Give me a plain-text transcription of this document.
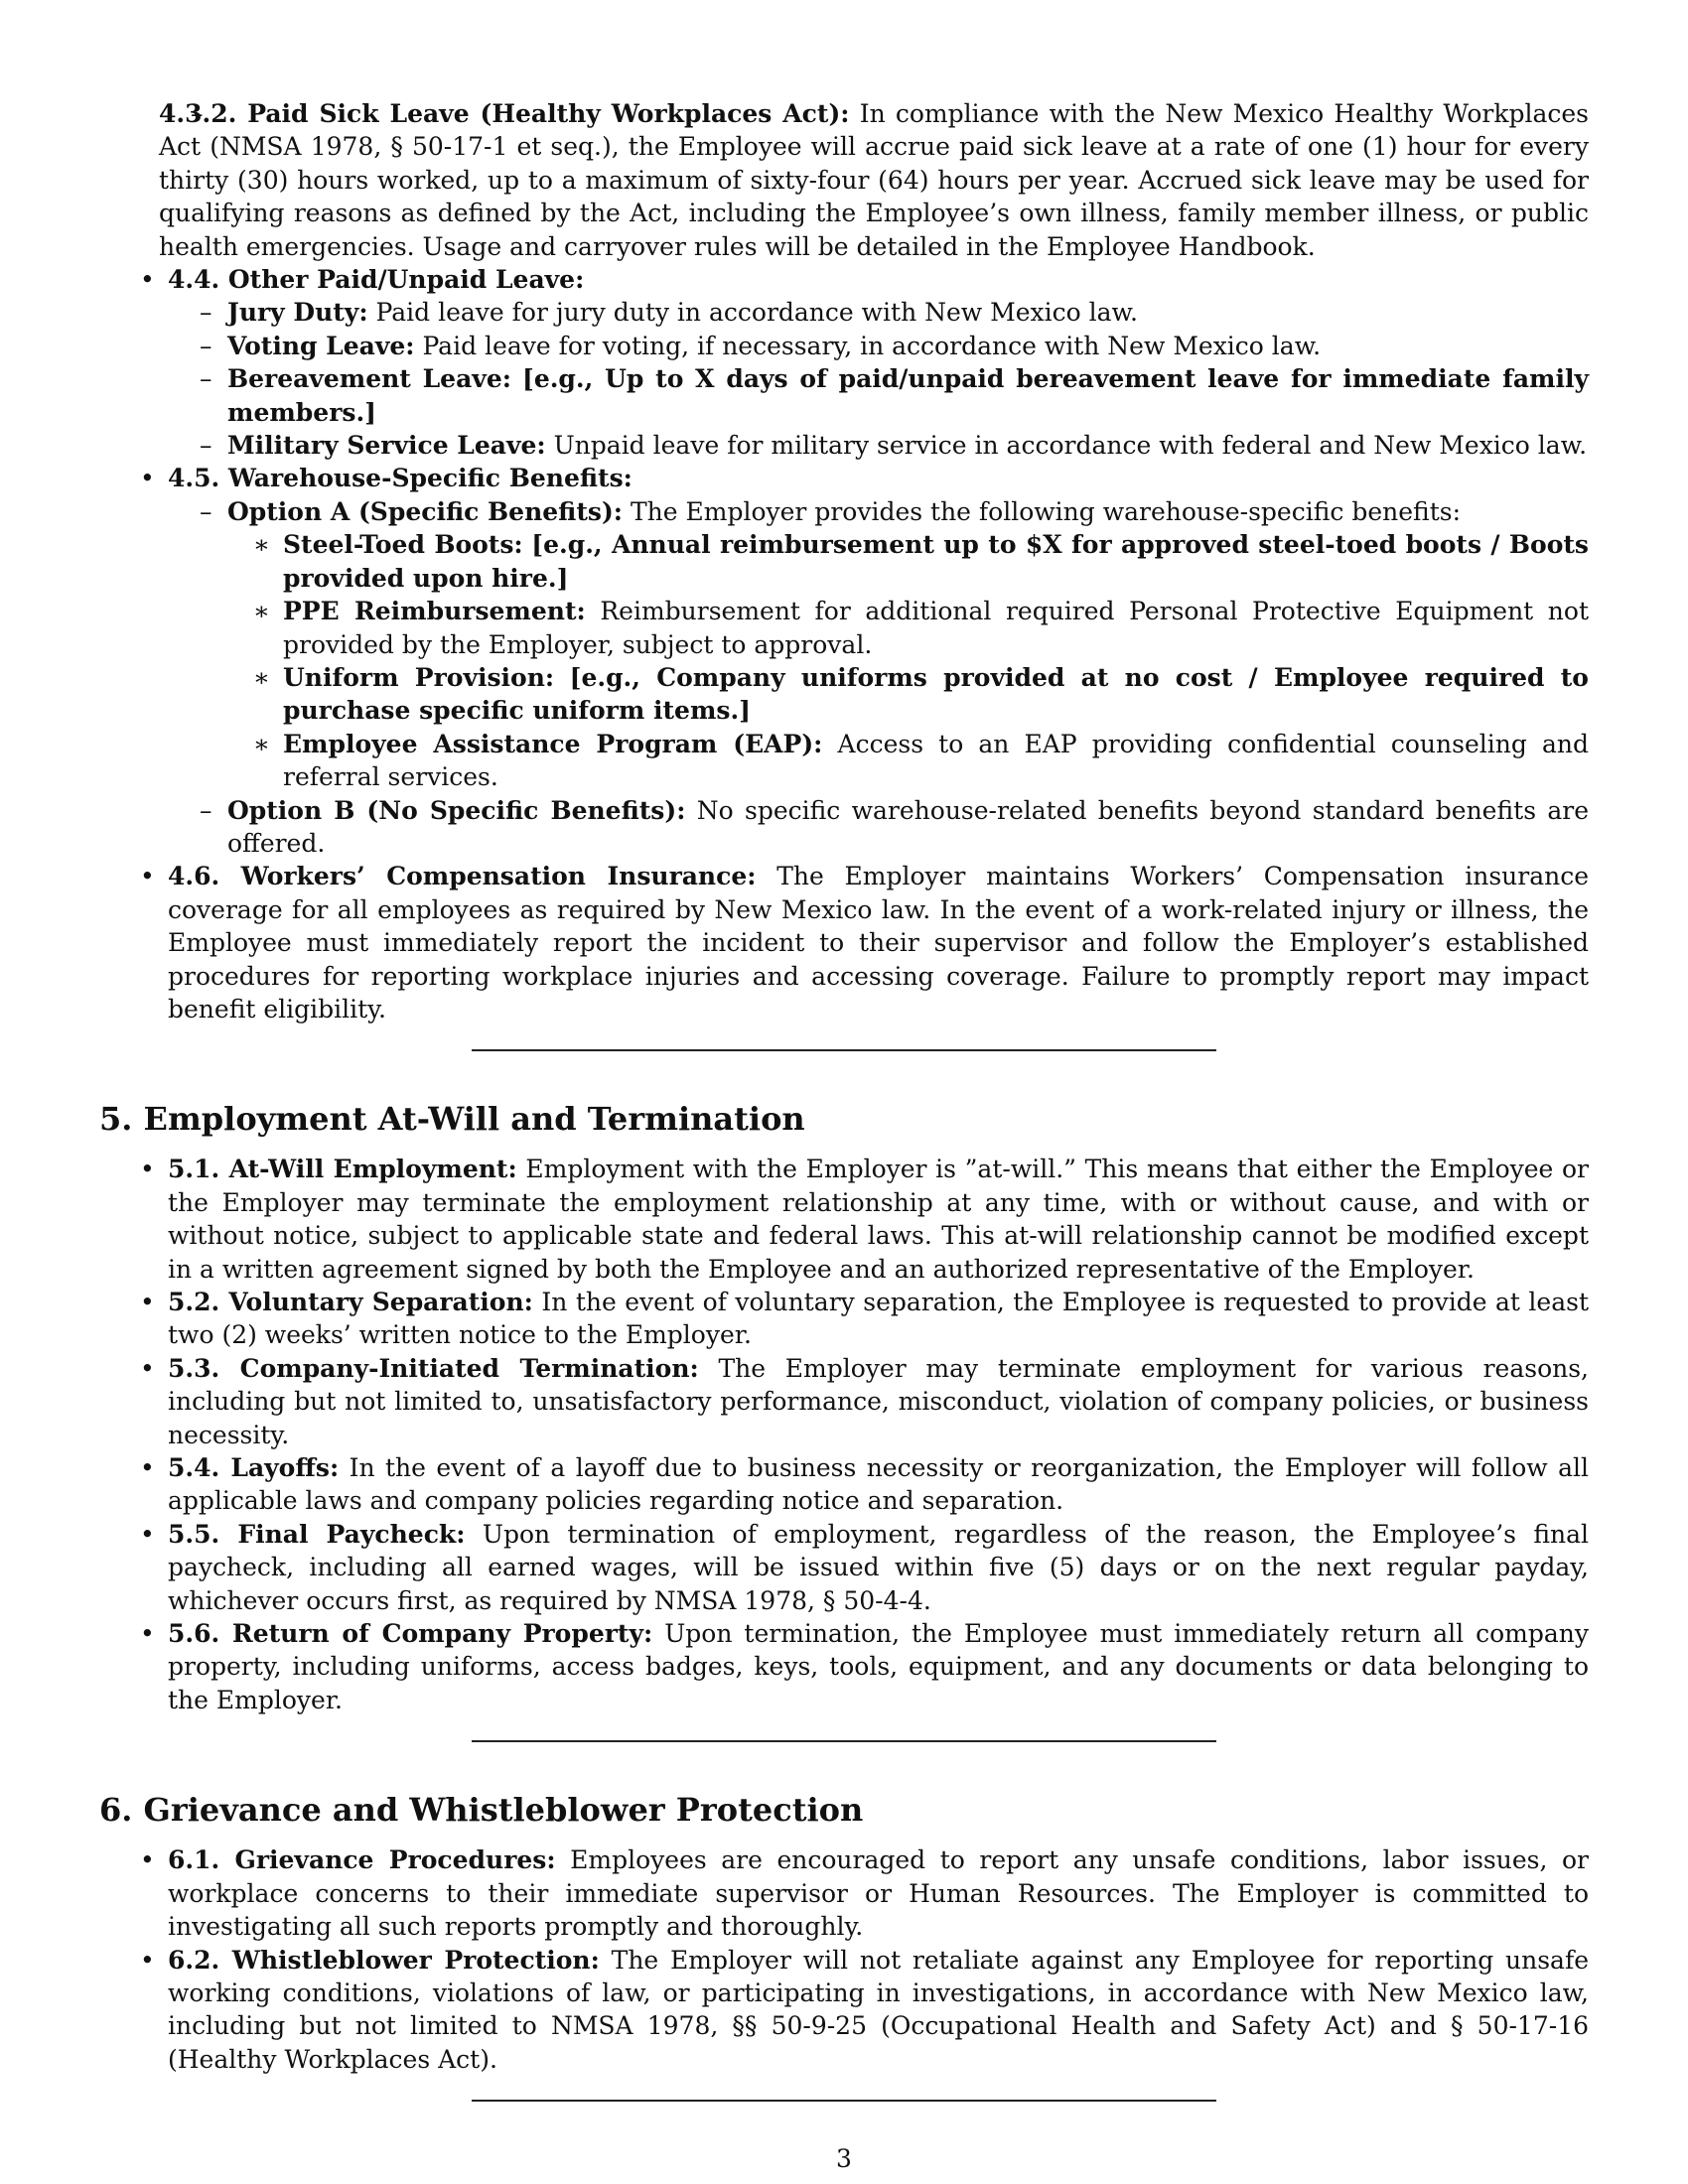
– 4.3.2. Paid Sick Leave (Healthy Workplaces Act): In compliance with the New Mexico Healthy Workplaces Act (NMSA 1978, § 50-17-1 et seq.), the Employee will accrue paid sick leave at a rate of one (1) hour for every thirty (30) hours worked, up to a maximum of sixty-four (64) hours per year. Accrued sick leave may be used for qualifying reasons as defined by the Act, including the Employee’s own illness, family member illness, or public health emergencies. Usage and carryover rules will be detailed in the Employee Handbook.
• 4.4. Other Paid/Unpaid Leave:
– Jury Duty: Paid leave for jury duty in accordance with New Mexico law.
– Voting Leave: Paid leave for voting, if necessary, in accordance with New Mexico law.
– Bereavement Leave: [e.g., Up to X days of paid/unpaid bereavement leave for immediate family members.]
– Military Service Leave: Unpaid leave for military service in accordance with federal and New Mexico law.
• 4.5. Warehouse-Specific Benefits:
– Option A (Specific Benefits): The Employer provides the following warehouse-specific benefits:
∗ Steel-Toed Boots: [e.g., Annual reimbursement up to $X for approved steel-toed boots / Boots provided upon hire.]
∗ PPE Reimbursement: Reimbursement for additional required Personal Protective Equipment not provided by the Employer, subject to approval.
∗ Uniform Provision: [e.g., Company uniforms provided at no cost / Employee required to purchase specific uniform items.]
∗ Employee Assistance Program (EAP): Access to an EAP providing confidential counseling and referral services.
– Option B (No Specific Benefits): No specific warehouse-related benefits beyond standard benefits are offered.
• 4.6. Workers’ Compensation Insurance: The Employer maintains Workers’ Compensation insurance coverage for all employees as required by New Mexico law. In the event of a work-related injury or illness, the Employee must immediately report the incident to their supervisor and follow the Employer’s established procedures for reporting workplace injuries and accessing coverage. Failure to promptly report may impact benefit eligibility.
5. Employment At-Will and Termination
• 5.1. At-Will Employment: Employment with the Employer is ”at-will.” This means that either the Employee or the Employer may terminate the employment relationship at any time, with or without cause, and with or without notice, subject to applicable state and federal laws. This at-will relationship cannot be modified except in a written agreement signed by both the Employee and an authorized representative of the Employer.
• 5.2. Voluntary Separation: In the event of voluntary separation, the Employee is requested to provide at least two (2) weeks’ written notice to the Employer.
• 5.3. Company-Initiated Termination: The Employer may terminate employment for various reasons, including but not limited to, unsatisfactory performance, misconduct, violation of company policies, or business necessity.
• 5.4. Layoffs: In the event of a layoff due to business necessity or reorganization, the Employer will follow all applicable laws and company policies regarding notice and separation.
• 5.5. Final Paycheck: Upon termination of employment, regardless of the reason, the Employee’s final paycheck, including all earned wages, will be issued within five (5) days or on the next regular payday, whichever occurs first, as required by NMSA 1978, § 50-4-4.
• 5.6. Return of Company Property: Upon termination, the Employee must immediately return all company property, including uniforms, access badges, keys, tools, equipment, and any documents or data belonging to the Employer.
6. Grievance and Whistleblower Protection
• 6.1. Grievance Procedures: Employees are encouraged to report any unsafe conditions, labor issues, or workplace concerns to their immediate supervisor or Human Resources. The Employer is committed to investigating all such reports promptly and thoroughly.
• 6.2. Whistleblower Protection: The Employer will not retaliate against any Employee for reporting unsafe working conditions, violations of law, or participating in investigations, in accordance with New Mexico law, including but not limited to NMSA 1978, §§ 50-9-25 (Occupational Health and Safety Act) and § 50-17-16 (Healthy Workplaces Act).
3
